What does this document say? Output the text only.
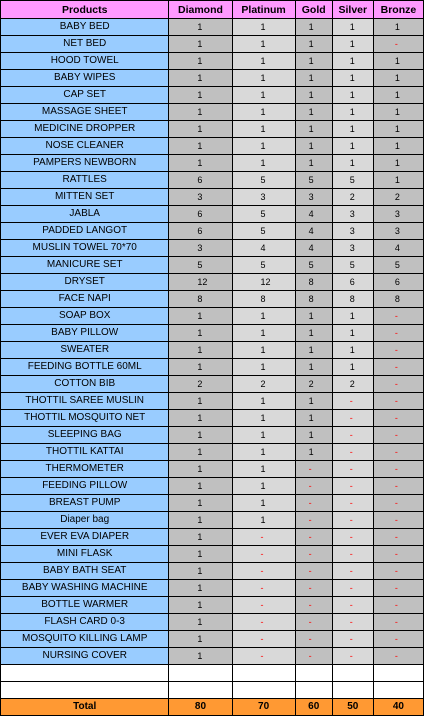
Products	Diamond	Platinum	Gold	Silver	Bronze
BABY BED	1	1	1	1	1
NET BED	1	1	1	1	-
HOOD TOWEL	1	1	1	1	1
BABY WIPES	1	1	1	1	1
CAP SET	1	1	1	1	1
MASSAGE SHEET	1	1	1	1	1
MEDICINE DROPPER	1	1	1	1	1
NOSE CLEANER	1	1	1	1	1
PAMPERS NEWBORN	1	1	1	1	1
RATTLES	6	5	5	5	1
MITTEN SET	3	3	3	2	2
JABLA	6	5	4	3	3
PADDED LANGOT	6	5	4	3	3
MUSLIN TOWEL 70*70	3	4	4	3	4
MANICURE SET	5	5	5	5	5
DRYSET	12	12	8	6	6
FACE NAPI	8	8	8	8	8
SOAP BOX	1	1	1	1	-
BABY PILLOW	1	1	1	1	-
SWEATER	1	1	1	1	-
FEEDING BOTTLE 60ML	1	1	1	1	-
COTTON BIB	2	2	2	2	-
THOTTIL SAREE MUSLIN	1	1	1	-	-
THOTTIL MOSQUITO NET	1	1	1	-	-
SLEEPING BAG	1	1	1	-	-
THOTTIL KATTAI	1	1	1	-	-
THERMOMETER	1	1	-	-	-
FEEDING PILLOW	1	1	-	-	-
BREAST PUMP	1	1	-	-	-
Diaper bag	1	1	-	-	-
EVER EVA DIAPER	1	-	-	-	-
MINI FLASK	1	-	-	-	-
BABY BATH SEAT	1	-	-	-	-
BABY WASHING MACHINE	1	-	-	-	-
BOTTLE WARMER	1	-	-	-	-
FLASH CARD 0-3	1	-	-	-	-
MOSQUITO KILLING LAMP	1	-	-	-	-
NURSING COVER	1	-	-	-	-

Total	80	70	60	50	40
